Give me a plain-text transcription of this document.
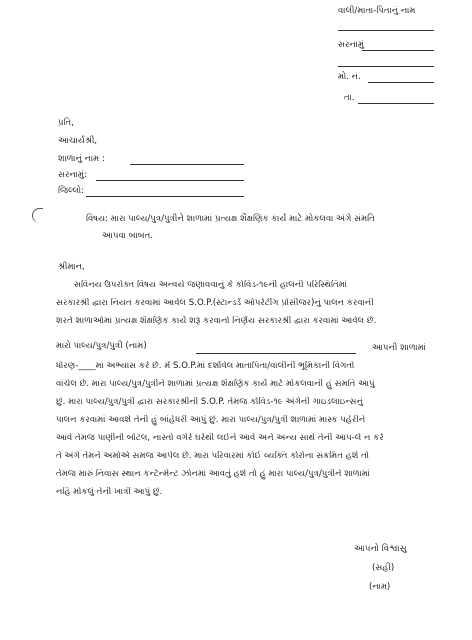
વાલી/માતા-પિતાનું નામ
સરનામું
મો. નં.
તા.
પ્રતિ,
આચાર્યશ્રી,
શાળાનું નામ :
સરનામું:
જિલ્લો:
વિષય: મારા પાલ્ય/પુત્ર/પુત્રીને શાળામાં પ્રત્યક્ષ શૈક્ષણિક કાર્ય માટે મોકલવા અંગે સંમતિ
આપવા બાબત.
શ્રીમાન,
સવિનય ઉપરોક્ત વિષય અન્વયે જણાવવાનું કે કોવિડ-૧૯ની હાલની પરિસ્થિતિમાં
સરકારશ્રી દ્વારા નિયત કરવામાં આવેલ S.O.P.(સ્ટાન્ડર્ડ ઓપરેટીંગ પ્રોસીજર)નું પાલન કરવાની
શરતે શાળાઓમાં પ્રત્યક્ષ શૈક્ષણિક કાર્ય શરૂ કરવાનો નિર્ણય સરકારશ્રી દ્વારા કરવામાં આવેલ છે.
મારો પાલ્ય/પુત્ર/પુત્રી (નામ)	આપની શાળામાં
ધોરણ-____માં અભ્યાસ કરે છે. મેં S.O.P.માં દર્શાવેલ માતાપિતા/વાલીની ભૂમિકાની વિગતો
વાંચેલ છે. મારા પાલ્ય/પુત્ર/પુત્રીને શાળામાં પ્રત્યક્ષ શૈક્ષણિક કાર્ય માટે મોકલવાની હું સંમતિ આપું
છું. મારા પાલ્ય/પુત્ર/પુત્રી દ્વારા સરકારશ્રીની S.O.P. તેમજ કોવિડ-૧૯ અંગેની ગાઇડલાઇન્સનું
પાલન કરવામાં આવશે તેની હું બાંહેધરી આપું છું. મારા પાલ્ય/પુત્ર/પુત્રી શાળામાં માસ્ક પહેરીને
આવે તેમજ પાણીની બોટલ, નાસ્તો વગેરે ઘરેથી લઈને આવે અને અન્ય સાથે તેની આપ-લે ન કરે
તે અંગે તેમને અમોએ સમજ આપેલ છે. મારા પરિવારમાં કોઈ વ્યક્તિ કોરોના સંક્રમિત હશે તો
તેમજ મારું નિવાસ સ્થાન કન્ટેન્મેન્ટ ઝોનમાં આવતું હશે તો હું મારા પાલ્ય/પુત્ર/પુત્રીને શાળામાં
નહિ મોકલું તેની ખાત્રી આપું છું.
આપનો વિશ્વાસુ
(સહી)
(નામ)
